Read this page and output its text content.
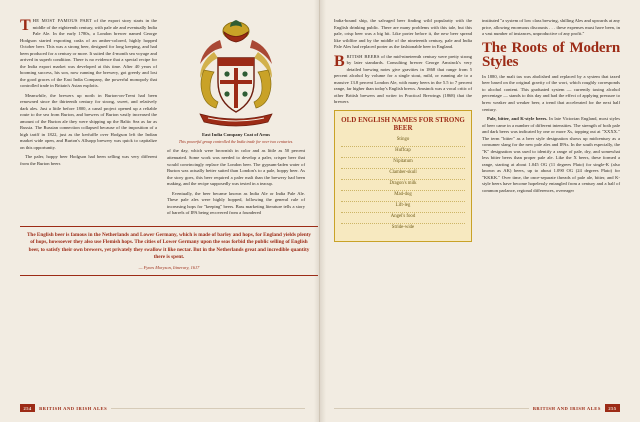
THE MOST FAMOUS PART of the export story starts in the middle of the eighteenth century, with pale ale and eventually India Pale Ale. In the early 1780s, a London brewer named George Hodgson started exporting casks of an amber-colored, highly hopped October beer. This was a strong beer, designed for long keeping, and had been produced for a century or more. It suited the 4-month sea voyage and arrived in superb condition. There is no evidence that a special recipe for the India export market was developed at this time. After 40 years of booming success, his son, now running the brewery, got greedy and lost the good graces of the East India Company, the powerful monopoly that controlled trade in Britain's Asian exploits.

Meanwhile, the brewers up north in Burton-on-Trent had been renowned since the thirteenth century for strong, sweet, and relatively dark ales. Just a little before 1800, a canal project opened up a reliable route to the sea from Burton, and brewers of Burton vastly increased the amount of the Burton ale they were shipping up the Baltic Sea as far as Russia. The Russian connection collapsed because of the imposition of a high tariff in 1822, just as the kerfuffle over Hodgson left the Indian market wide open, and Burton's Allsopp brewery was quick to capitalize on this opportunity.

The paler, hoppy beer Hodgson had been selling was very different from the Burton beers

East India Company Coat of Arms
This powerful group controlled the India trade for over two centuries.

of the day, which were brownish in color and as little as 50 percent attenuated. Some work was needed to develop a paler, crisper beer that would convincingly replace the London beer. The gypsum-laden water of Burton was actually better suited than London's to a pale, hoppy beer. As the story goes, this beer required a paler malt than the brewery had been making, and the recipe supposedly was tested in a teacup.

Eventually, the beer became known as India Ale or India Pale Ale. These pale ales were highly hopped, following the general rule of increasing hops for "keeping" beers. Bass marketing literature tells a story of barrels of IPA being recovered from a foundered

The English beer is famous in the Netherlands and Lower Germany, which is made of barley and hops, for England yields plenty of hops, howsoever they also use Flemish hops. The cities of Lower Germany upon the seas forbid the public selling of English beer, to satisfy their own brewers, yet privately they swallow it like nectar. But in the Netherlands great and incredible quantity there is spent.
— Fynes Moryson, Itinerary, 1617
254	BRITISH AND IRISH ALES

India-bound ship, the salvaged beer finding wild popularity with the English drinking public. There are many problems with this tale, but this pale, crisp beer was a big hit. Like porter before it, the new beer spread like wildfire and by the middle of the nineteenth century, pale and India Pale Ales had replaced porter as the fashionable beer in England.

BRITISH BEERS of the mid-nineteenth century were pretty strong by later standards. Consulting brewer George Amsinck's very detailed brewing notes give gravities in 1868 that range from 5 percent alcohol by volume for a single stout, mild, or running ale to a massive 13.8 percent London Ale, with many beers in the 5.5 to 7 percent range, far higher than today's English brews. Amsinck was a vocal critic of other British brewers and writer in Practical Brewings (1868) that the brewers

OLD ENGLISH NAMES FOR STRONG BEER
Stingo
Huffcap
Nipitatum
Clamber-skull
Dragon's milk
Mad-dog
Lift-leg
Angel's food
Stride-wide

instituted "a system of low class brewing, shilling Ales and upwards at any price, allowing enormous discounts . . . these expenses must have been, in a vast number of instances, unproductive of any profit."

The Roots of Modern Styles

In 1880, the malt tax was abolished and replaced by a system that taxed beer based on the original gravity of the wort, which roughly corresponds to alcohol content. This graduated system — currently taxing alcohol percentage — stands to this day and had the effect of applying pressure to brew weaker and weaker beer, a trend that accelerated for the next half century.

Pale, bitter, and K-style beers. In late Victorian England, most styles of beer came in a number of different intensities. The strength of both pale and dark beers was indicated by one or more Xs, topping out at "XXXX." The term "bitter" as a beer style designation shows up midcentury as a consumer slang for the new pale ales and IPAs. In the south especially, the "K" designation was used to identify a range of pale, dry, and somewhat less bitter beers than proper pale ale. Like the X beers, these formed a range, starting at about 1.045 OG (11 degrees Plato) for single-K (also known as AK) beers, up to about 1.090 OG (24 degrees Plato) for "KKKK." Over time, the once-separate threads of pale ale, bitter, and K-style beers have become hopelessly entangled from a century and a half of common parlance, regional differences, overeager

BRITISH AND IRISH ALES	255
